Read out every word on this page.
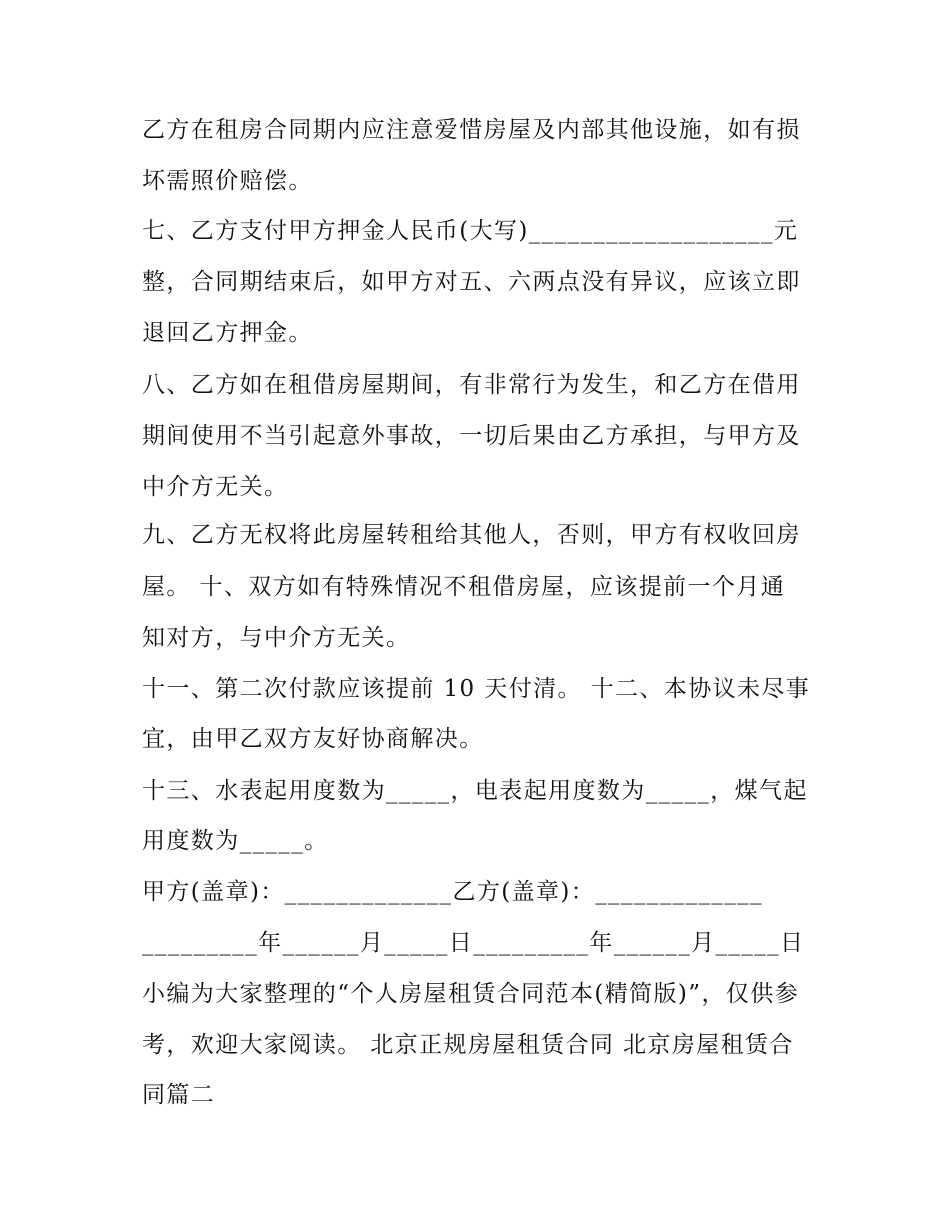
乙方在租房合同期内应注意爱惜房屋及内部其他设施，如有损
坏需照价赔偿。
七、乙方支付甲方押金人民币(大写)___________________元
整，合同期结束后，如甲方对五、六两点没有异议，应该立即
退回乙方押金。
八、乙方如在租借房屋期间，有非常行为发生，和乙方在借用
期间使用不当引起意外事故，一切后果由乙方承担，与甲方及
中介方无关。
九、乙方无权将此房屋转租给其他人，否则，甲方有权收回房
屋。 十、双方如有特殊情况不租借房屋，应该提前一个月通
知对方，与中介方无关。
十一、第二次付款应该提前 10 天付清。 十二、本协议未尽事
宜，由甲乙双方友好协商解决。
十三、水表起用度数为_____，电表起用度数为_____，煤气起
用度数为_____。
甲方(盖章)：_____________乙方(盖章)：_____________
_________年______月_____日_________年______月_____日
小编为大家整理的“个人房屋租赁合同范本(精简版)”，仅供参
考，欢迎大家阅读。 北京正规房屋租赁合同 北京房屋租赁合
同篇二
